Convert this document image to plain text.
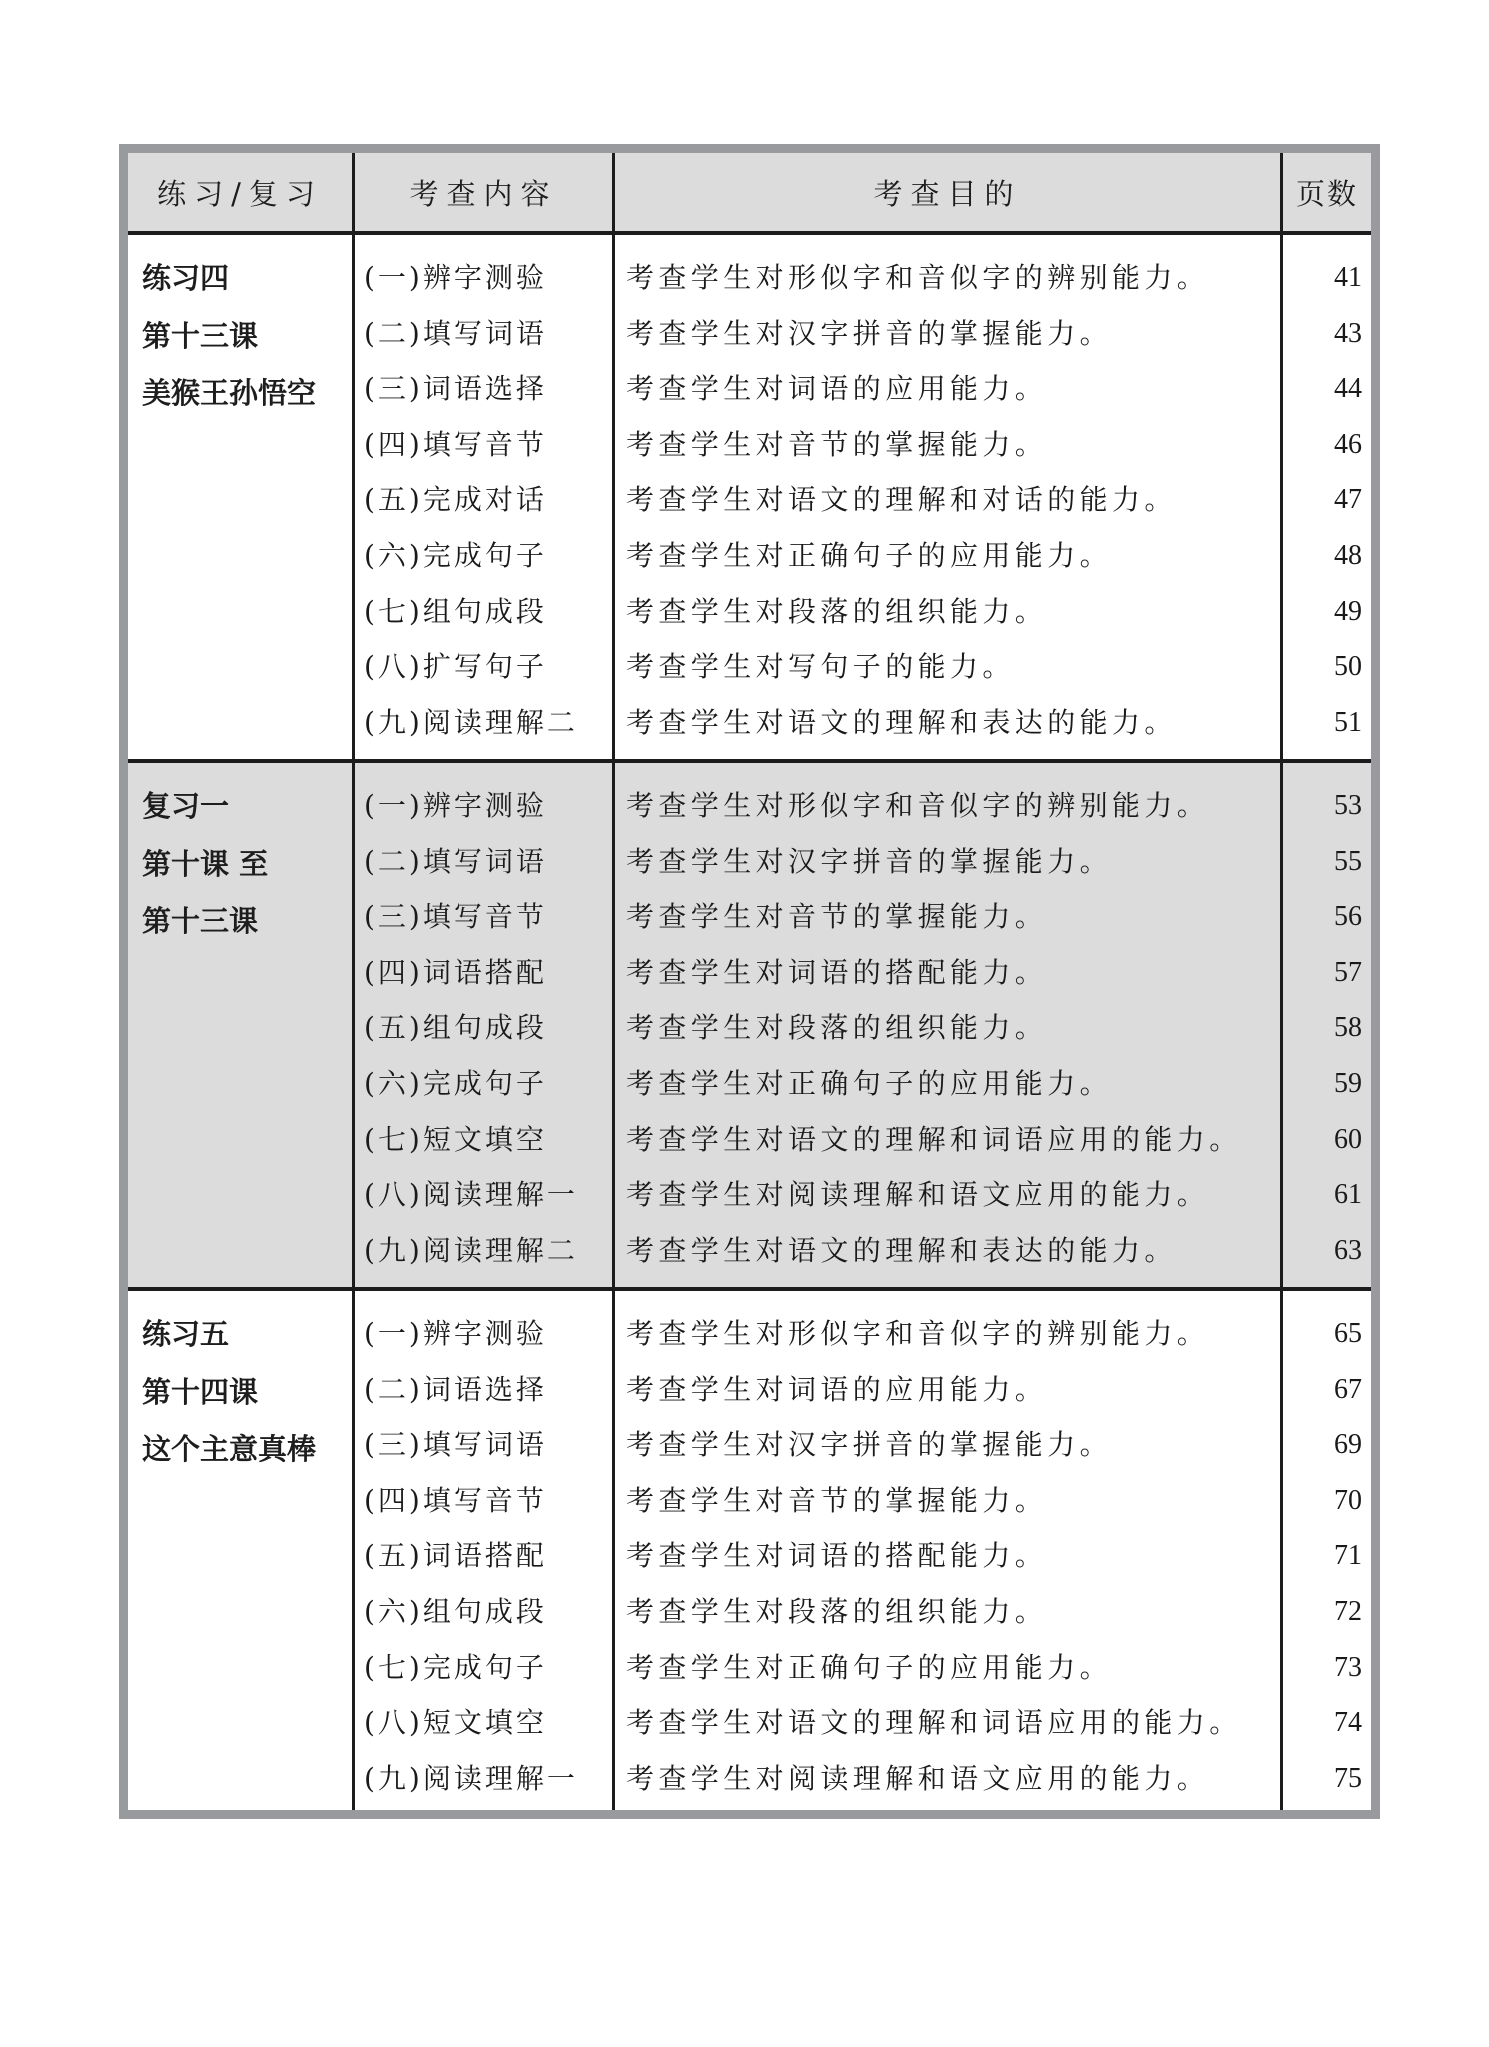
练习/复习	考查内容	考查目的	页数
练习四
第十三课
美猴王孙悟空
(一)辨字测验	考查学生对形似字和音似字的辨别能力。	41
(二)填写词语	考查学生对汉字拼音的掌握能力。	43
(三)词语选择	考查学生对词语的应用能力。	44
(四)填写音节	考查学生对音节的掌握能力。	46
(五)完成对话	考查学生对语文的理解和对话的能力。	47
(六)完成句子	考查学生对正确句子的应用能力。	48
(七)组句成段	考查学生对段落的组织能力。	49
(八)扩写句子	考查学生对写句子的能力。	50
(九)阅读理解二 考查学生对语文的理解和表达的能力。	51
复习一
第十课 至
第十三课
(一)辨字测验	考查学生对形似字和音似字的辨别能力。	53
(二)填写词语	考查学生对汉字拼音的掌握能力。	55
(三)填写音节	考查学生对音节的掌握能力。	56
(四)词语搭配	考查学生对词语的搭配能力。	57
(五)组句成段	考查学生对段落的组织能力。	58
(六)完成句子	考查学生对正确句子的应用能力。	59
(七)短文填空	考查学生对语文的理解和词语应用的能力。	60
(八)阅读理解一 考查学生对阅读理解和语文应用的能力。	61
(九)阅读理解二 考查学生对语文的理解和表达的能力。	63
练习五
第十四课
这个主意真棒
(一)辨字测验	考查学生对形似字和音似字的辨别能力。	65
(二)词语选择	考查学生对词语的应用能力。	67
(三)填写词语	考查学生对汉字拼音的掌握能力。	69
(四)填写音节	考查学生对音节的掌握能力。	70
(五)词语搭配	考查学生对词语的搭配能力。	71
(六)组句成段	考查学生对段落的组织能力。	72
(七)完成句子	考查学生对正确句子的应用能力。	73
(八)短文填空	考查学生对语文的理解和词语应用的能力。	74
(九)阅读理解一 考查学生对阅读理解和语文应用的能力。	75
